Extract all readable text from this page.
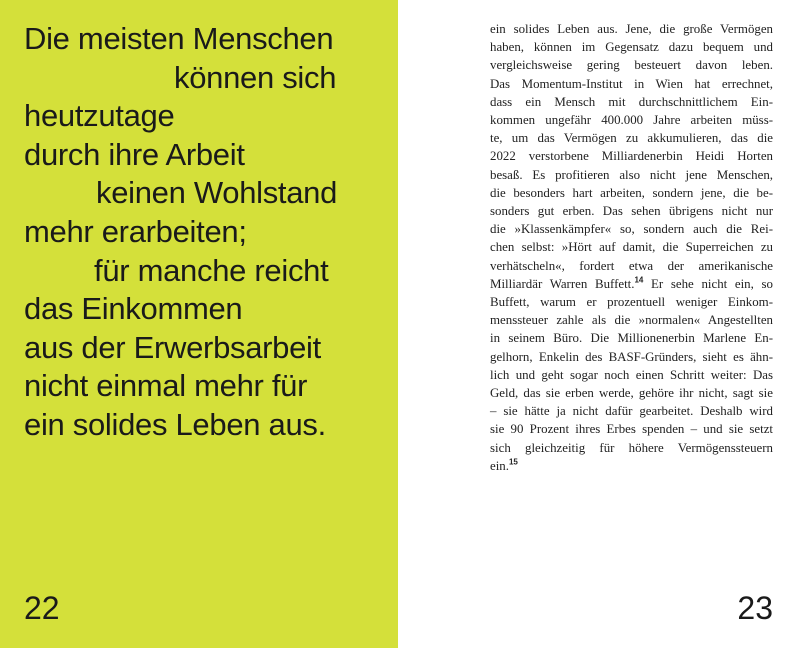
Die meisten Menschen
können sich
heutzutage
durch ihre Arbeit
keinen Wohlstand
mehr erarbeiten;
für manche reicht
das Einkommen
aus der Erwerbsarbeit
nicht einmal mehr für
ein solides Leben aus.
22
ein solides Leben aus. Jene, die große Vermögen
haben, können im Gegensatz dazu bequem und
vergleichsweise gering besteuert davon leben.
Das Momentum-Institut in Wien hat errechnet,
dass ein Mensch mit durchschnittlichem Ein-
kommen ungefähr 400.000 Jahre arbeiten müss-
te, um das Vermögen zu akkumulieren, das die
2022 verstorbene Milliardenerbin Heidi Horten
besaß. Es profitieren also nicht jene Menschen,
die besonders hart arbeiten, sondern jene, die be-
sonders gut erben. Das sehen übrigens nicht nur
die »Klassenkämpfer« so, sondern auch die Rei-
chen selbst: »Hört auf damit, die Superreichen zu
verhätscheln«, fordert etwa der amerikanische
Milliardär Warren Buffett.$^{14}$ Er sehe nicht ein, so
Buffett, warum er prozentuell weniger Einkom-
menssteuer zahle als die »normalen« Angestellten
in seinem Büro. Die Millionenerbin Marlene En-
gelhorn, Enkelin des BASF-Gründers, sieht es ähn-
lich und geht sogar noch einen Schritt weiter: Das
Geld, das sie erben werde, gehöre ihr nicht, sagt sie
– sie hätte ja nicht dafür gearbeitet. Deshalb wird
sie 90 Prozent ihres Erbes spenden – und sie setzt
sich gleichzeitig für höhere Vermögenssteuern
ein.$^{15}$
23
